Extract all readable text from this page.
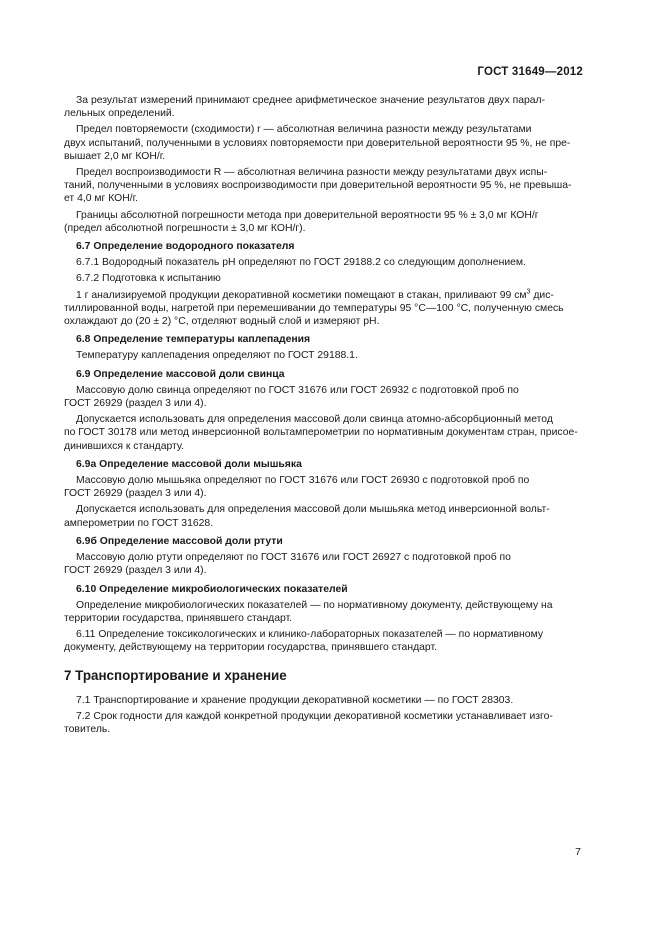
ГОСТ 31649—2012
За результат измерений принимают среднее арифметическое значение результатов двух парал-
лельных определений.
Предел повторяемости (сходимости) r — абсолютная величина разности между результатами
двух испытаний, полученными в условиях повторяемости при доверительной вероятности 95 %, не пре-
вышает 2,0 мг КОН/г.
Предел воспроизводимости R — абсолютная величина разности между результатами двух испы-
таний, полученными в условиях воспроизводимости при доверительной вероятности 95 %, не превыша-
ет 4,0 мг КОН/г.
Границы абсолютной погрешности метода при доверительной вероятности 95 % ± 3,0 мг КОН/г
(предел абсолютной погрешности ± 3,0 мг КОН/г).
6.7 Определение водородного показателя
6.7.1 Водородный показатель pH определяют по ГОСТ 29188.2 со следующим дополнением.
6.7.2 Подготовка к испытанию
1 г анализируемой продукции декоративной косметики помещают в стакан, приливают 99 $см^3$ дис-
тиллированной воды, нагретой при перемешивании до температуры 95 °С—100 °С, полученную смесь
охлаждают до (20 ± 2) °С, отделяют водный слой и измеряют pH.
6.8 Определение температуры каплепадения
Температуру каплепадения определяют по ГОСТ 29188.1.
6.9 Определение массовой доли свинца
Массовую долю свинца определяют по ГОСТ 31676 или ГОСТ 26932 с подготовкой проб по
ГОСТ 26929 (раздел 3 или 4).
Допускается использовать для определения массовой доли свинца атомно-абсорбционный метод
по ГОСТ 30178 или метод инверсионной вольтамперометрии по нормативным документам стран, присое-
динившихся к стандарту.
6.9а Определение массовой доли мышьяка
Массовую долю мышьяка определяют по ГОСТ 31676 или ГОСТ 26930 с подготовкой проб по
ГОСТ 26929 (раздел 3 или 4).
Допускается использовать для определения массовой доли мышьяка метод инверсионной вольт-
амперометрии по ГОСТ 31628.
6.9б Определение массовой доли ртути
Массовую долю ртути определяют по ГОСТ 31676 или ГОСТ 26927 с подготовкой проб по
ГОСТ 26929 (раздел 3 или 4).
6.10 Определение микробиологических показателей
Определение микробиологических показателей — по нормативному документу, действующему на
территории государства, принявшего стандарт.
6.11 Определение токсикологических и клинико-лабораторных показателей — по нормативному
документу, действующему на территории государства, принявшего стандарт.
7 Транспортирование и хранение
7.1 Транспортирование и хранение продукции декоративной косметики — по ГОСТ 28303.
7.2 Срок годности для каждой конкретной продукции декоративной косметики устанавливает изго-
товитель.
7
